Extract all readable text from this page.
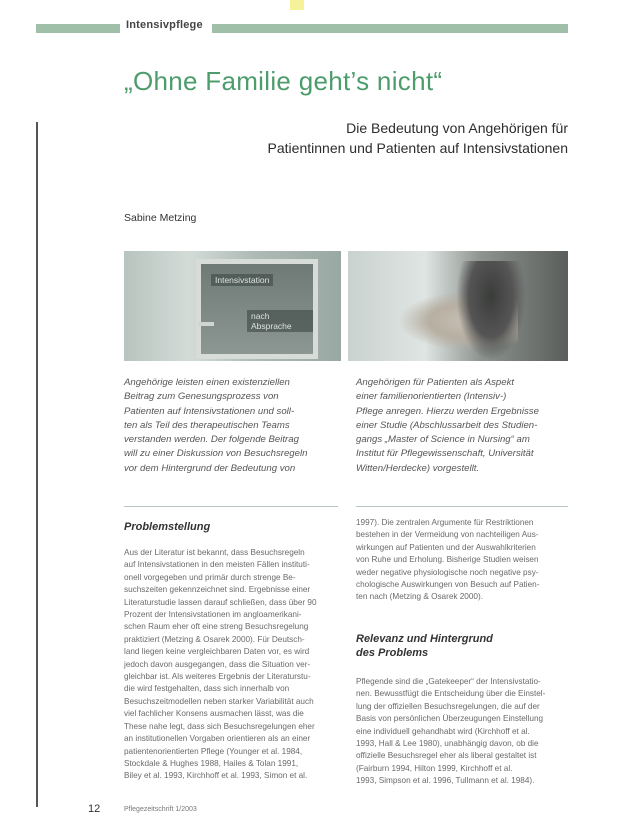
Intensivpflege
„Ohne Familie geht’s nicht“
Die Bedeutung von Angehörigen für
Patientinnen und Patienten auf Intensivstationen
Sabine Metzing
Intensivstation
nach Absprache

Angehörige leisten einen existenziellen

Beitrag zum Genesungsprozess von

Patienten auf Intensivstationen und soll-

ten als Teil des therapeutischen Teams

verstanden werden. Der folgende Beitrag

will zu einer Diskussion von Besuchsregeln

vor dem Hintergrund der Bedeutung von

Angehörigen für Patienten als Aspekt

einer familienorientierten (Intensiv-)

Pflege anregen. Hierzu werden Ergebnisse

einer Studie (Abschlussarbeit des Studien-

gangs „Master of Science in Nursing“ am

Institut für Pflegewissenschaft, Universität

Witten/Herdecke) vorgestellt.

Problemstellung

Aus der Literatur ist bekannt, dass Besuchsregeln

auf Intensivstationen in den meisten Fällen instituti-

onell vorgegeben und primär durch strenge Be-

suchszeiten gekennzeichnet sind. Ergebnisse einer

Literaturstudie lassen darauf schließen, dass über 90

Prozent der Intensivstationen im angloamerikani-

schen Raum eher oft eine streng Besuchsregelung

praktiziert (Metzing & Osarek 2000). Für Deutsch-

land liegen keine vergleichbaren Daten vor, es wird

jedoch davon ausgegangen, dass die Situation ver-

gleichbar ist. Als weiteres Ergebnis der Literaturstu-

die wird festgehalten, dass sich innerhalb von

Besuchszeitmodellen neben starker Variabilität auch

viel fachlicher Konsens ausmachen lässt, was die

These nahe legt, dass sich Besuchsregelungen eher

an institutionellen Vorgaben orientieren als an einer

patientenorientierten Pflege (Younger et al. 1984,

Stockdale & Hughes 1988, Hailes & Tolan 1991,

Biley et al. 1993, Kirchhoff et al. 1993, Simon et al.

1997). Die zentralen Argumente für Restriktionen

bestehen in der Vermeidung von nachteiligen Aus-

wirkungen auf Patienten und der Auswahlkriterien

von Ruhe und Erholung. Bisherige Studien weisen

weder negative physiologische noch negative psy-

chologische Auswirkungen von Besuch auf Patien-

ten nach (Metzing & Osarek 2000).

Relevanz und Hintergrund
des Problems

Pflegende sind die „Gatekeeper“ der Intensivstatio-

nen. Bewusstfügt die Entscheidung über die Einstel-

lung der offiziellen Besuchsregelungen, die auf der

Basis von persönlichen Überzeugungen Einstellung

eine individuell gehandhabt wird (Kirchhoff et al.

1993, Hall & Lee 1980), unabhängig davon, ob die

offizielle Besuchsregel eher als liberal gestaltet ist

(Fairburn 1994, Hilton 1999, Kirchhoff et al.

1993, Simpson et al. 1996, Tullmann et al. 1984).

12	Pflegezeitschrift 1/2003
